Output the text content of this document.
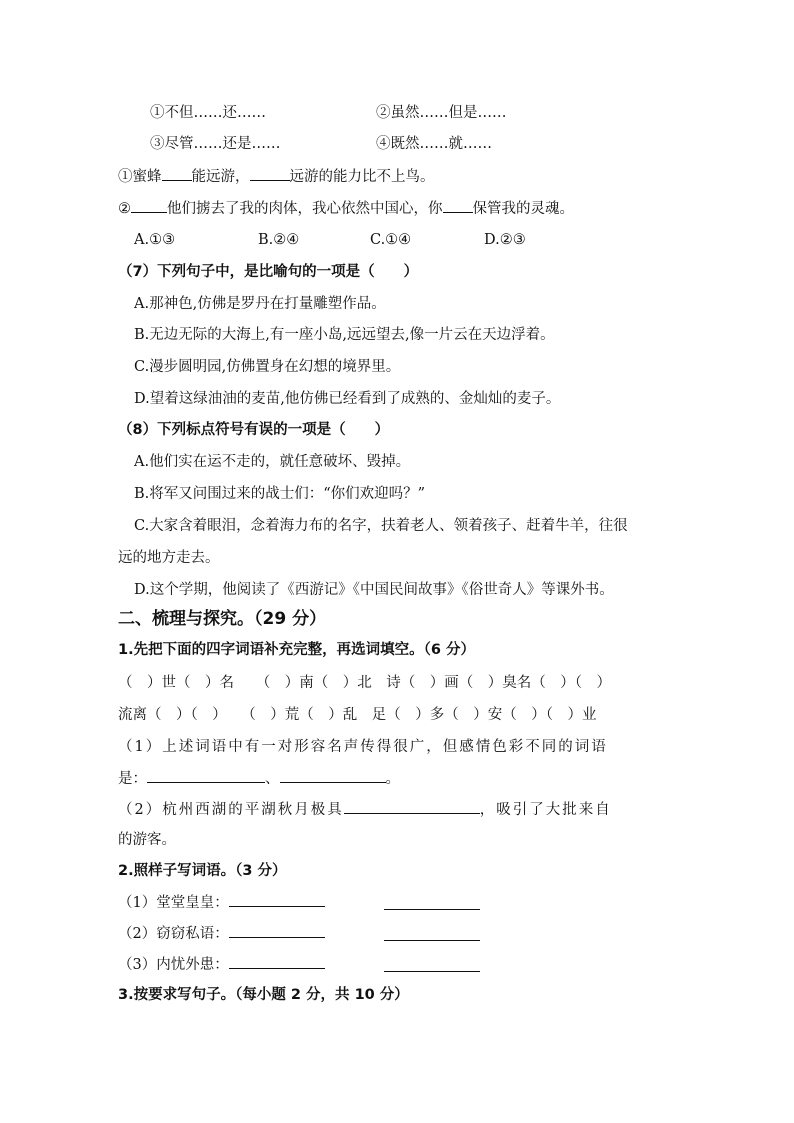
①不但……还……	②虽然……但是……
③尽管……还是……	④既然……就……
①蜜蜂 能远游，	远游的能力比不上鸟。
② 他们掳去了我的肉体，我心依然中国心，你 保管我的灵魂。
A.①③	B.②④	C.①④	D.②③
（7）下列句子中，是比喻句的一项是（　　）
A.那神色,仿佛是罗丹在打量雕塑作品。
B.无边无际的大海上,有一座小岛,远远望去,像一片云在天边浮着。
C.漫步圆明园,仿佛置身在幻想的境界里。
D.望着这绿油油的麦苗,他仿佛已经看到了成熟的、金灿灿的麦子。
（8）下列标点符号有误的一项是（　　）
A.他们实在运不走的，就任意破坏、毁掉。
B.将军又问围过来的战士们：“你们欢迎吗？”
C.大家含着眼泪，念着海力布的名字，扶着老人、领着孩子、赶着牛羊，往很
远的地方走去。
D.这个学期，他阅读了《西游记》《中国民间故事》《俗世奇人》等课外书。
二、梳理与探究。（29 分）
1.先把下面的四字词语补充完整，再选词填空。（6 分）
（　）世（　）名　　（　）南（　）北　诗（　）画（　）臭名（　）（　）
流离（　）（　）　　（　）荒（　）乱　足（　）多（　）安（　）（　）业
（1）上述词语中有一对形容名声传得很广，但感情色彩不同的词语
是：	、	。
（2）杭州西湖的平湖秋月极具	，吸引了大批来自
的游客。
2.照样子写词语。（3 分）
（1）堂堂皇皇：
（2）窃窃私语：
（3）内忧外患：
3.按要求写句子。（每小题 2 分，共 10 分）
